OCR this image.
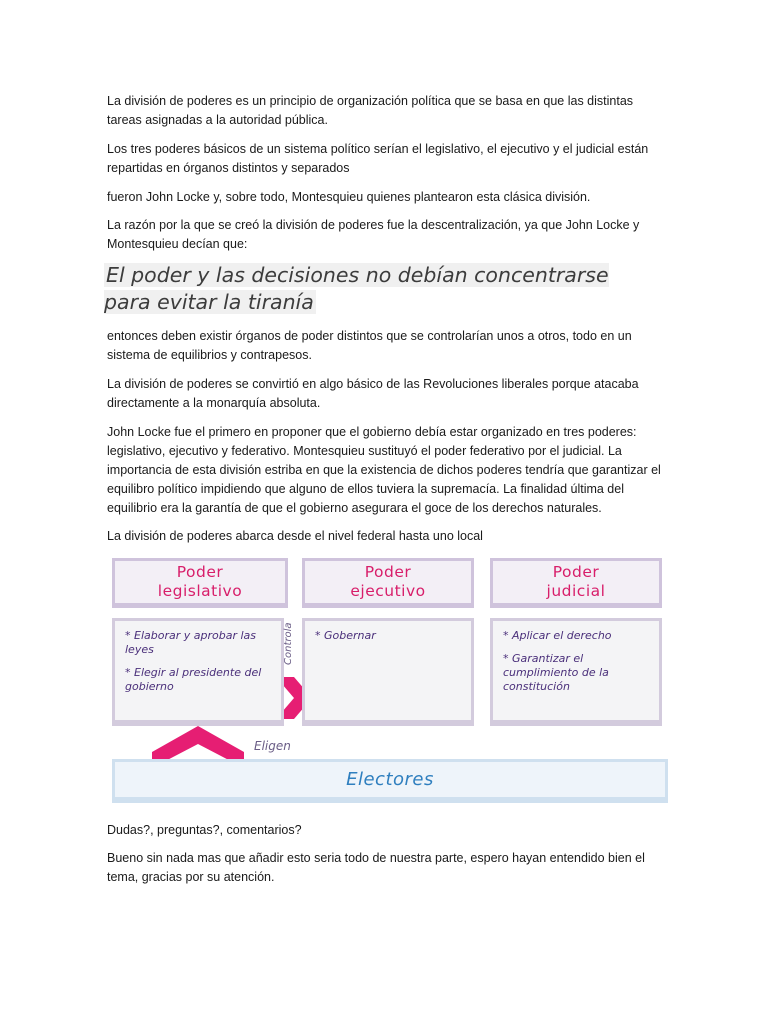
La división de poderes es un principio de organización política que se basa en que las distintas tareas asignadas a la autoridad pública.

Los tres poderes básicos de un sistema político serían el legislativo, el ejecutivo y el judicial están repartidas en órganos distintos y separados

fueron John Locke y, sobre todo, Montesquieu quienes plantearon esta clásica división.

La razón por la que se creó la división de poderes fue la descentralización, ya que John Locke y Montesquieu decían que:

El poder y las decisiones no debían concentrarse para evitar la tiranía

entonces deben existir órganos de poder distintos que se controlarían unos a otros, todo en un sistema de equilibrios y contrapesos.

La división de poderes se convirtió en algo básico de las Revoluciones liberales porque atacaba directamente a la monarquía absoluta.

John Locke fue el primero en proponer que el gobierno debía estar organizado en tres poderes: legislativo, ejecutivo y federativo. Montesquieu sustituyó el poder federativo por el judicial. La importancia de esta división estriba en que la existencia de dichos poderes tendría que garantizar el equilibro político impidiendo que alguno de ellos tuviera la supremacía. La finalidad última del equilibrio era la garantía de que el gobierno asegurara el goce de los derechos naturales.

La división de poderes abarca desde el nivel federal hasta uno local

Poder
legislativo
Poder
ejecutivo
Poder
judicial
* Elaborar y aprobar las leyes
* Elegir al presidente del gobierno
* Gobernar	* Aplicar el derecho
* Garantizar el cumplimiento de la constitución
Controla
Eligen
Electores

Dudas?, preguntas?, comentarios?

Bueno sin nada mas que añadir esto seria todo de nuestra parte, espero hayan entendido bien el tema, gracias por su atención.
